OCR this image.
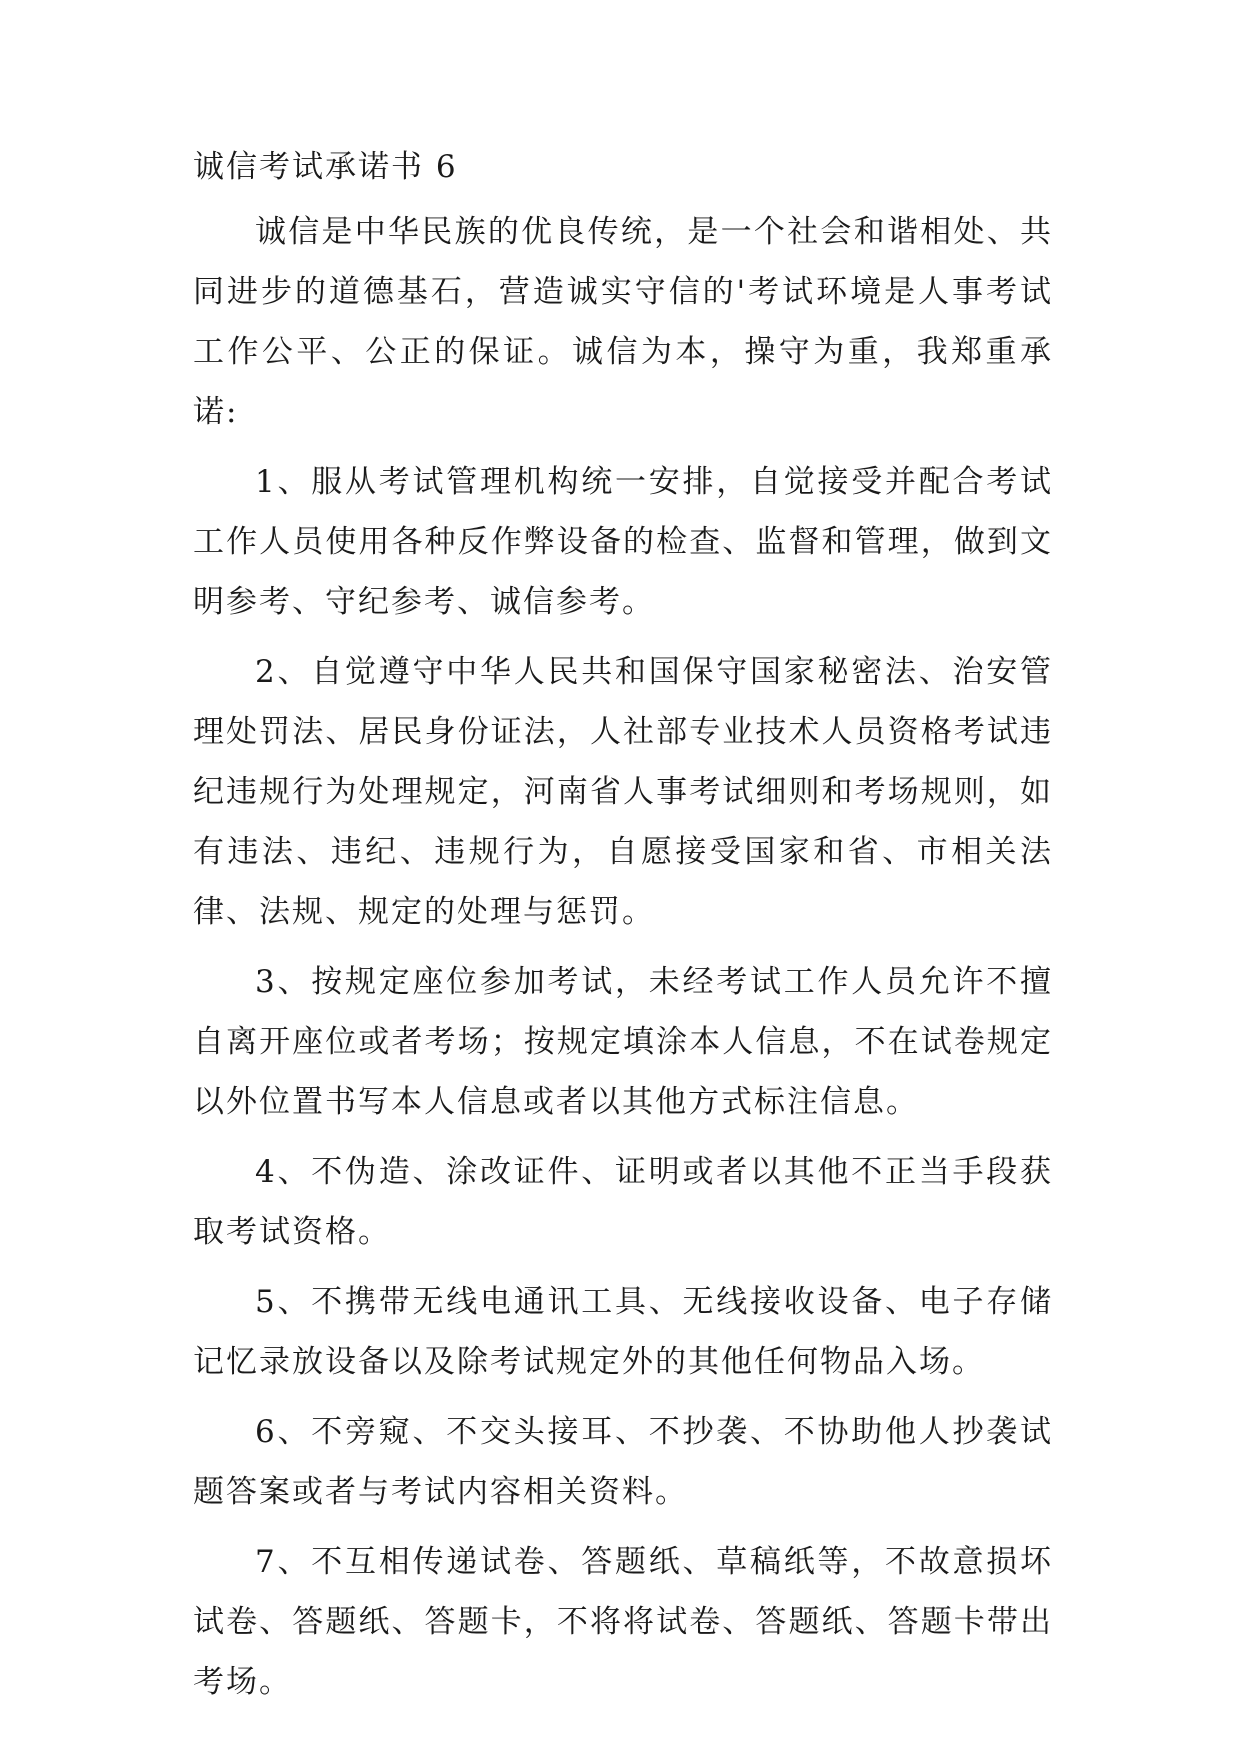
诚信考试承诺书 6

诚信是中华民族的优良传统，是一个社会和谐相处、共同进步的道德基石，营造诚实守信的'考试环境是人事考试工作公平、公正的保证。诚信为本，操守为重，我郑重承诺:

1、服从考试管理机构统一安排，自觉接受并配合考试工作人员使用各种反作弊设备的检查、监督和管理，做到文明参考、守纪参考、诚信参考。

2、自觉遵守中华人民共和国保守国家秘密法、治安管理处罚法、居民身份证法，人社部专业技术人员资格考试违纪违规行为处理规定，河南省人事考试细则和考场规则，如有违法、违纪、违规行为，自愿接受国家和省、市相关法律、法规、规定的处理与惩罚。

3、按规定座位参加考试，未经考试工作人员允许不擅自离开座位或者考场；按规定填涂本人信息，不在试卷规定以外位置书写本人信息或者以其他方式标注信息。

4、不伪造、涂改证件、证明或者以其他不正当手段获取考试资格。

5、不携带无线电通讯工具、无线接收设备、电子存储记忆录放设备以及除考试规定外的其他任何物品入场。

6、不旁窥、不交头接耳、不抄袭、不协助他人抄袭试题答案或者与考试内容相关资料。

7、不互相传递试卷、答题纸、草稿纸等，不故意损坏试卷、答题纸、答题卡，不将将试卷、答题纸、答题卡带出考场。
